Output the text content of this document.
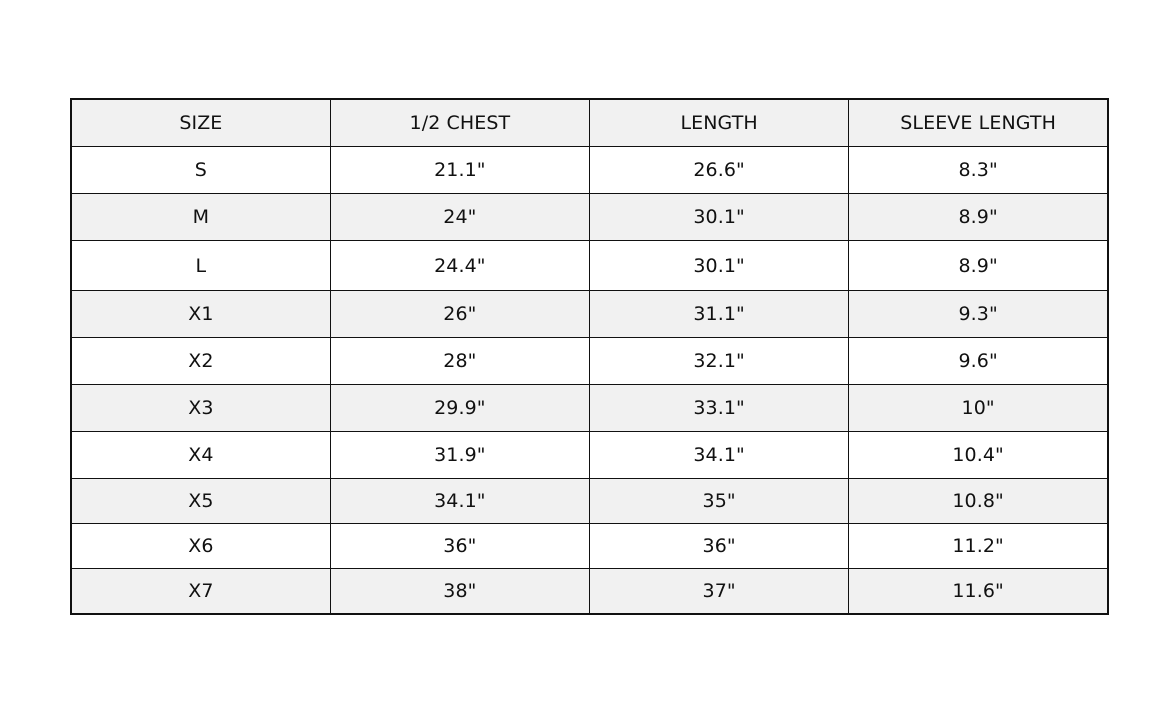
SIZE	1/2 CHEST	LENGTH	SLEEVE LENGTH
S	21.1"	26.6"	8.3"
M	24"	30.1"	8.9"
L	24.4"	30.1"	8.9"
X1	26"	31.1"	9.3"
X2	28"	32.1"	9.6"
X3	29.9"	33.1"	10"
X4	31.9"	34.1"	10.4"
X5	34.1"	35"	10.8"
X6	36"	36"	11.2"
X7	38"	37"	11.6"
